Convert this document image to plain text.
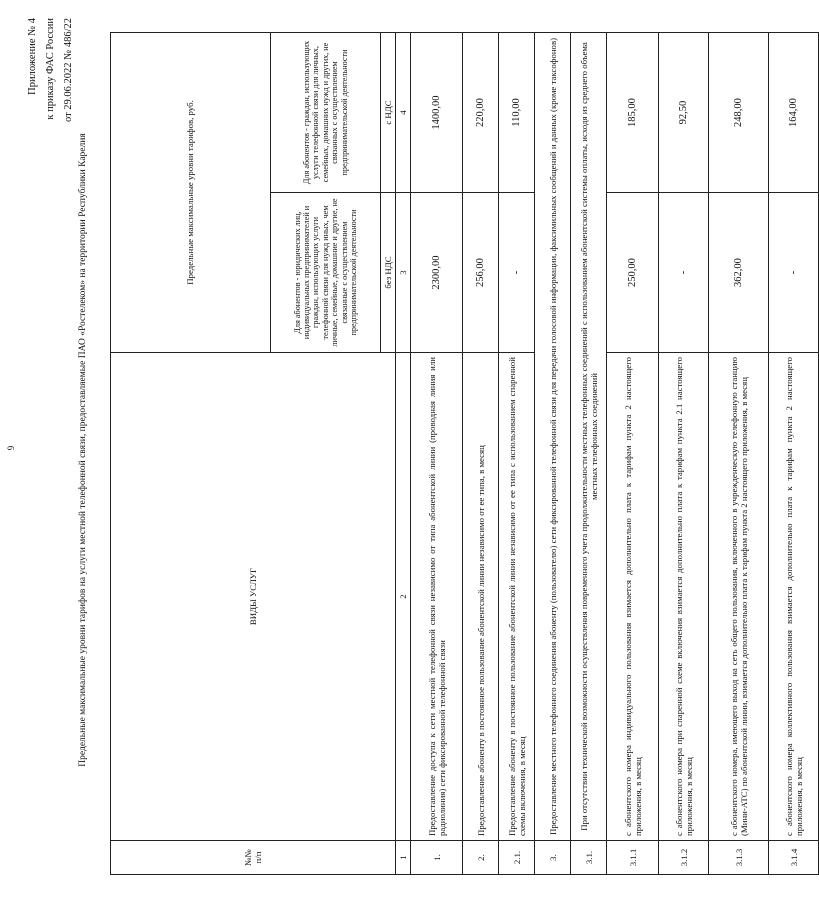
9
Приложение № 4 к приказу ФАС России от 29.06.2022 № 486/22
Предельные максимальные уровни тарифов на услуги местной телефонной связи, предоставляемые ПАО «Ростелеком» на территории Республики Карелия
№№ п/п	ВИДЫ УСЛУГ	Предельные максимальные уровни тарифов, руб.	
		Для абонентов - юридических лиц, индивидуальных предпринимателей и граждан, использующих услуги телефонной связи для нужд иных, чем личные, семейные, домашние и другие, не связанные с осуществлением предпринимательской деятельности	Для абонентов - граждан, использующих услуги телефонной связи для личных, семейных, домашних нужд и других, не связанных с осуществлением предпринимательской деятельности
		без НДС	с НДС
1	2	3	4
1.	Предоставление доступа к сети местной телефонной связи независимо от типа абонентской линии (проводная линия или радиолиния) сети фиксированной телефонной связи	2300,00	1400,00
2.	Предоставление абоненту в постоянное пользование абонентской линии независимо от ее типа, в месяц	256,00	220,00
2.1.	Предоставление абоненту в постоянное пользование абонентской линии независимо от ее типа с использованием спаренной схемы включения, в месяц	-	110,00
3.	Предоставление местного телефонного соединения абоненту (пользователю) сети фиксированной телефонной связи для передачи голосовой информации, факсимильных сообщений и данных (кроме таксофонов)		
3.1.	При отсутствии технической возможности осуществления повременного учета продолжительности местных телефонных соединений с использованием абонентской системы оплаты, исходя из среднего объема местных телефонных соединений		
3.1.1	с абонентского номера индивидуального пользования взимается дополнительно плата к тарифам пункта 2 настоящего приложения, в месяц	250,00	185,00
3.1.2	с абонентского номера при спаренной схеме включения взимается дополнительно плата к тарифам пункта 2.1 настоящего приложения, в месяц	-	92,50
3.1.3	с абонентского номера, имеющего выход на сеть общего пользования, включенного в учрежденческую телефонную станцию (Мини-АТС) по абонентской линии, взимается дополнительно плата к тарифам пункта 2 настоящего приложения, в месяц	362,00	248,00
3.1.4	с абонентского номера коллективного пользования взимается дополнительно плата к тарифам пункта 2 настоящего приложения, в месяц	-	164,00
